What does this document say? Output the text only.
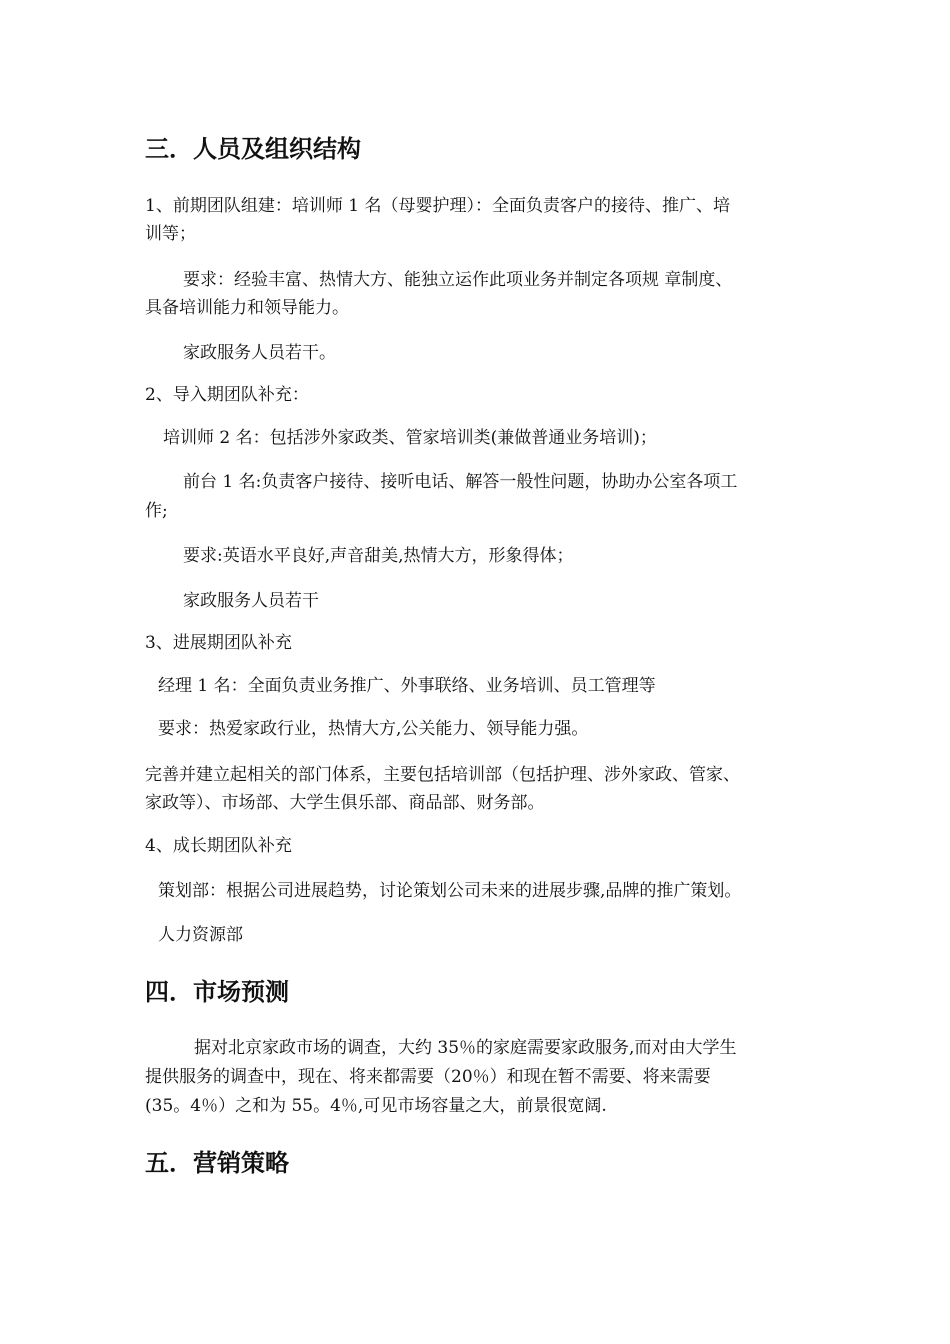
三．人员及组织结构
1、前期团队组建：培训师 1 名（母婴护理）：全面负责客户的接待、推广、培
训等；
要求：经验丰富、热情大方、能独立运作此项业务并制定各项规 章制度、
具备培训能力和领导能力。
家政服务人员若干。
2、导入期团队补充：
培训师 2 名：包括涉外家政类、管家培训类(兼做普通业务培训)；
前台 1 名:负责客户接待、接听电话、解答一般性问题，协助办公室各项工
作;
要求:英语水平良好,声音甜美,热情大方，形象得体；
家政服务人员若干
3、进展期团队补充
经理 1 名：全面负责业务推广、外事联络、业务培训、员工管理等
要求：热爱家政行业，热情大方,公关能力、领导能力强。
完善并建立起相关的部门体系，主要包括培训部（包括护理、涉外家政、管家、
家政等）、市场部、大学生俱乐部、商品部、财务部。
4、成长期团队补充
策划部：根据公司进展趋势，讨论策划公司未来的进展步骤,品牌的推广策划。
人力资源部
四．市场预测
据对北京家政市场的调查，大约 35％的家庭需要家政服务,而对由大学生
提供服务的调查中，现在、将来都需要（20％）和现在暂不需要、将来需要
(35。4％）之和为 55。4％,可见市场容量之大，前景很宽阔.
五．营销策略
